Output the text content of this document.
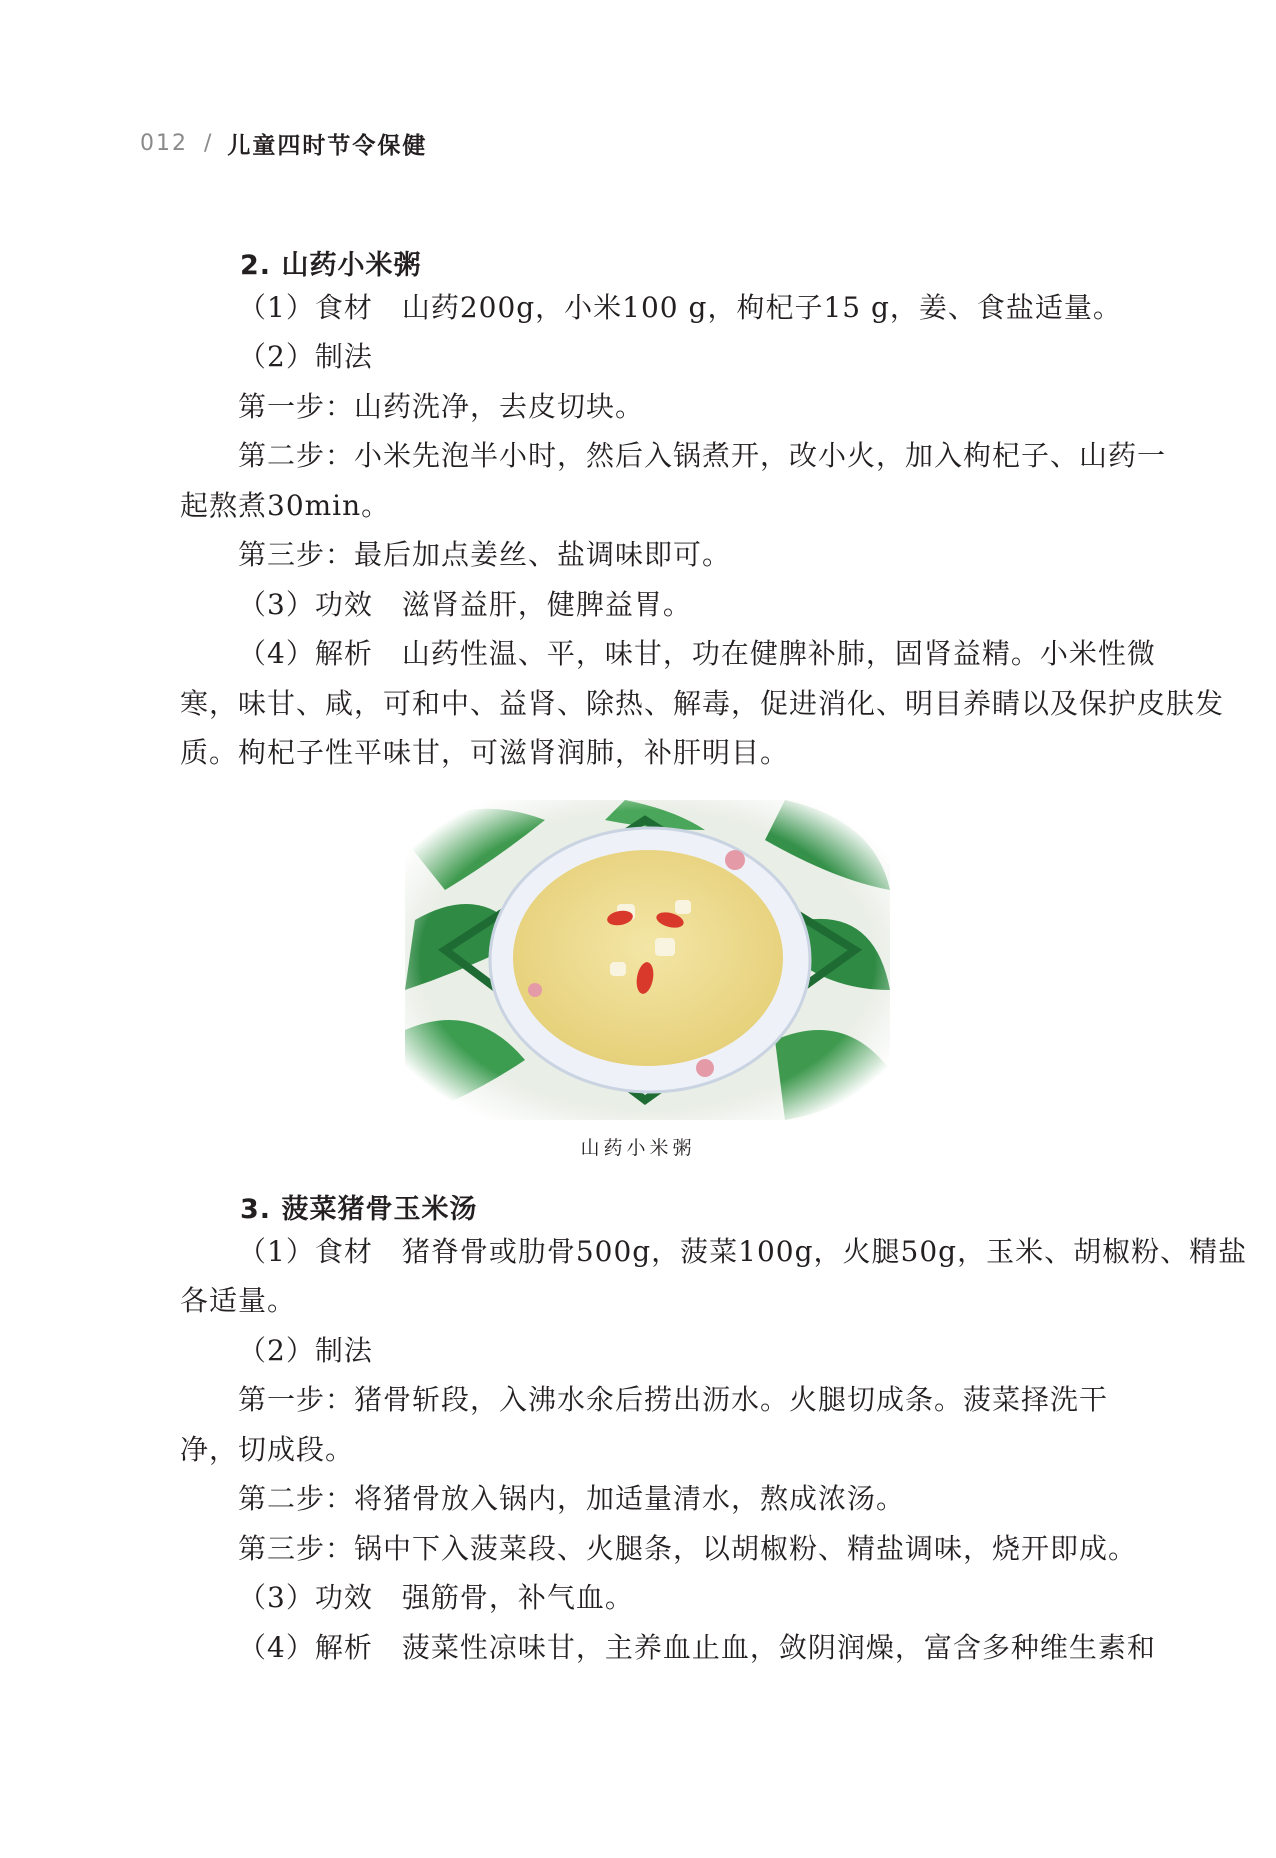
012 / 儿童四时节令保健
2. 山药小米粥
（1）食材　山药200g，小米100 g，枸杞子15 g，姜、食盐适量。
（2）制法
第一步：山药洗净，去皮切块。
第二步：小米先泡半小时，然后入锅煮开，改小火，加入枸杞子、山药一
起熬煮30min。
第三步：最后加点姜丝、盐调味即可。
（3）功效　滋肾益肝，健脾益胃。
（4）解析　山药性温、平，味甘，功在健脾补肺，固肾益精。小米性微
寒，味甘、咸，可和中、益肾、除热、解毒，促进消化、明目养睛以及保护皮肤发
质。枸杞子性平味甘，可滋肾润肺，补肝明目。
山药小米粥
3. 菠菜猪骨玉米汤
（1）食材　猪脊骨或肋骨500g，菠菜100g，火腿50g，玉米、胡椒粉、精盐
各适量。
（2）制法
第一步：猪骨斩段，入沸水氽后捞出沥水。火腿切成条。菠菜择洗干
净，切成段。
第二步：将猪骨放入锅内，加适量清水，熬成浓汤。
第三步：锅中下入菠菜段、火腿条，以胡椒粉、精盐调味，烧开即成。
（3）功效　强筋骨，补气血。
（4）解析　菠菜性凉味甘，主养血止血，敛阴润燥，富含多种维生素和
